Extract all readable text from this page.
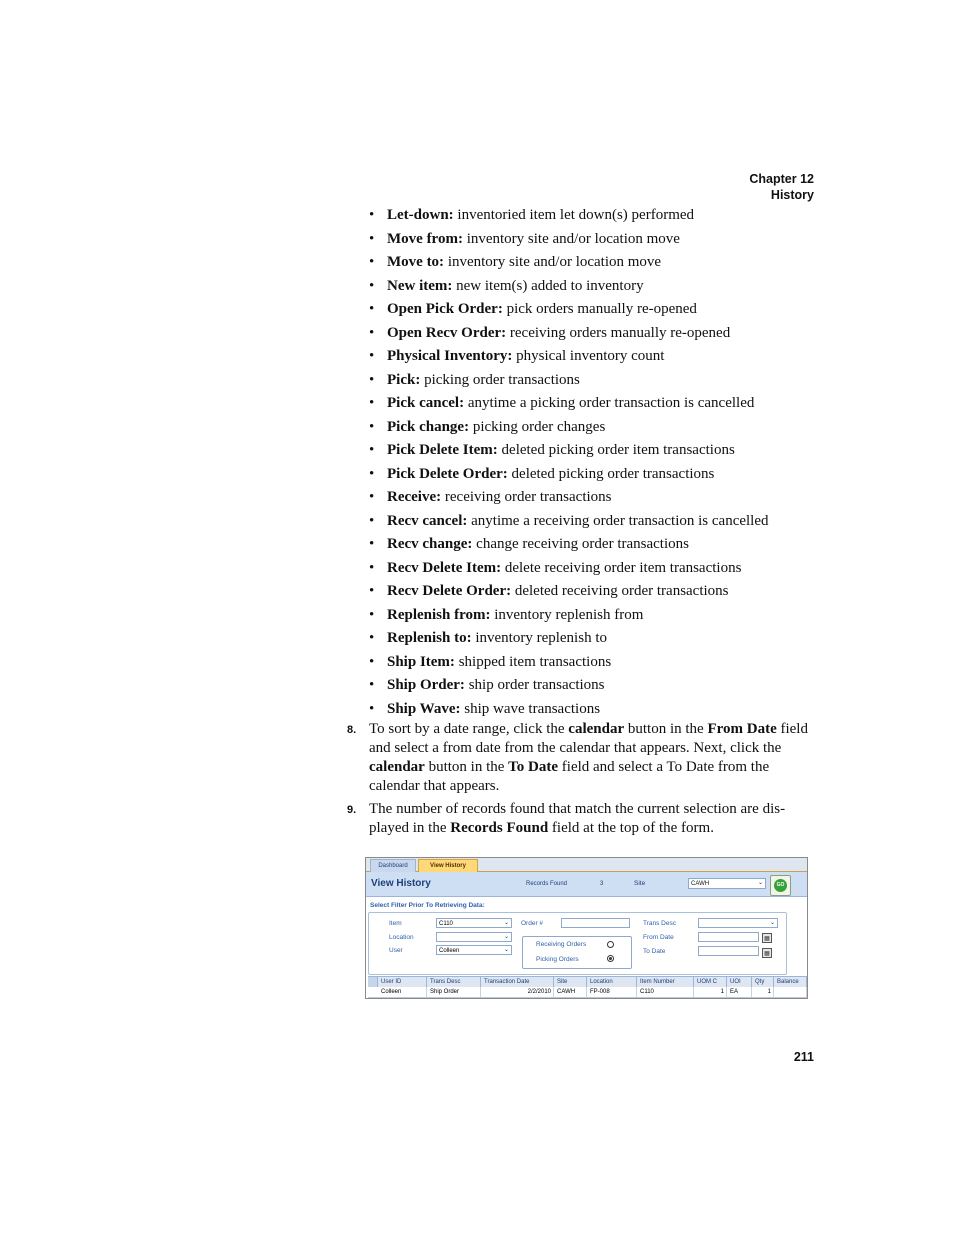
Chapter 12
History
• Let-down: inventoried item let down(s) performed
• Move from: inventory site and/or location move
• Move to: inventory site and/or location move
• New item: new item(s) added to inventory
• Open Pick Order: pick orders manually re-opened
• Open Recv Order: receiving orders manually re-opened
• Physical Inventory: physical inventory count
• Pick: picking order transactions
• Pick cancel: anytime a picking order transaction is cancelled
• Pick change: picking order changes
• Pick Delete Item: deleted picking order item transactions
• Pick Delete Order: deleted picking order transactions
• Receive: receiving order transactions
• Recv cancel: anytime a receiving order transaction is cancelled
• Recv change: change receiving order transactions
• Recv Delete Item: delete receiving order item transactions
• Recv Delete Order: deleted receiving order transactions
• Replenish from: inventory replenish from
• Replenish to: inventory replenish to
• Ship Item: shipped item transactions
• Ship Order: ship order transactions
• Ship Wave: ship wave transactions
8. To sort by a date range, click the calendar button in the From Date field and select a from date from the calendar that appears. Next, click the calendar button in the To Date field and select a To Date from the calendar that appears.
9. The number of records found that match the current selection are dis-played in the Records Found field at the top of the form.
Dashboard	View History
View History	Records Found	3	Site	CAWH	⌄	GO
Select Filter Prior To Retrieving Data:
Item	C110	⌄
Location	⌄
User	Colleen	⌄
Order #
Receiving Orders
Picking Orders
Trans Desc	⌄
From Date	▦
To Date	▦
User ID	Trans Desc	Transaction Date	Site	Location	Item Number	UOM C	UOI	Qty	Balance
Colleen	Ship Order	2/2/2010	CAWH	FP-008	C110	1	EA	1
211
